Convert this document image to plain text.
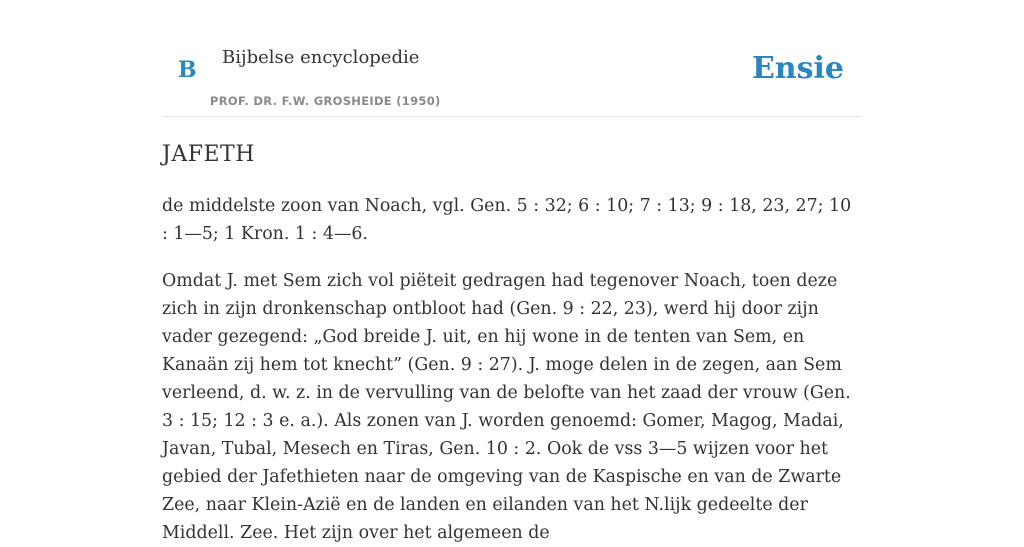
B Bijbelse encyclopedie
PROF. DR. F.W. GROSHEIDE (1950)
Ensie
JAFETH

de middelste zoon van Noach, vgl. Gen. 5 : 32; 6 : 10; 7 : 13; 9 : 18, 23, 27; 10 : 1—5; 1 Kron. 1 : 4—6.

Omdat J. met Sem zich vol piëteit gedragen had tegenover Noach, toen deze zich in zijn dronkenschap ontbloot had (Gen. 9 : 22, 23), werd hij door zijn vader gezegend: „God breide J. uit, en hij wone in de tenten van Sem, en Kanaän zij hem tot knecht” (Gen. 9 : 27). J. moge delen in de zegen, aan Sem verleend, d. w. z. in de vervulling van de belofte van het zaad der vrouw (Gen. 3 : 15; 12 : 3 e. a.). Als zonen van J. worden genoemd: Gomer, Magog, Madai, Javan, Tubal, Mesech en Tiras, Gen. 10 : 2. Ook de vss 3—5 wijzen voor het gebied der Jafethieten naar de omgeving van de Kaspische en van de Zwarte Zee, naar Klein-Azië en de landen en eilanden van het N.lijk gedeelte der Middell. Zee. Het zijn over het algemeen de
